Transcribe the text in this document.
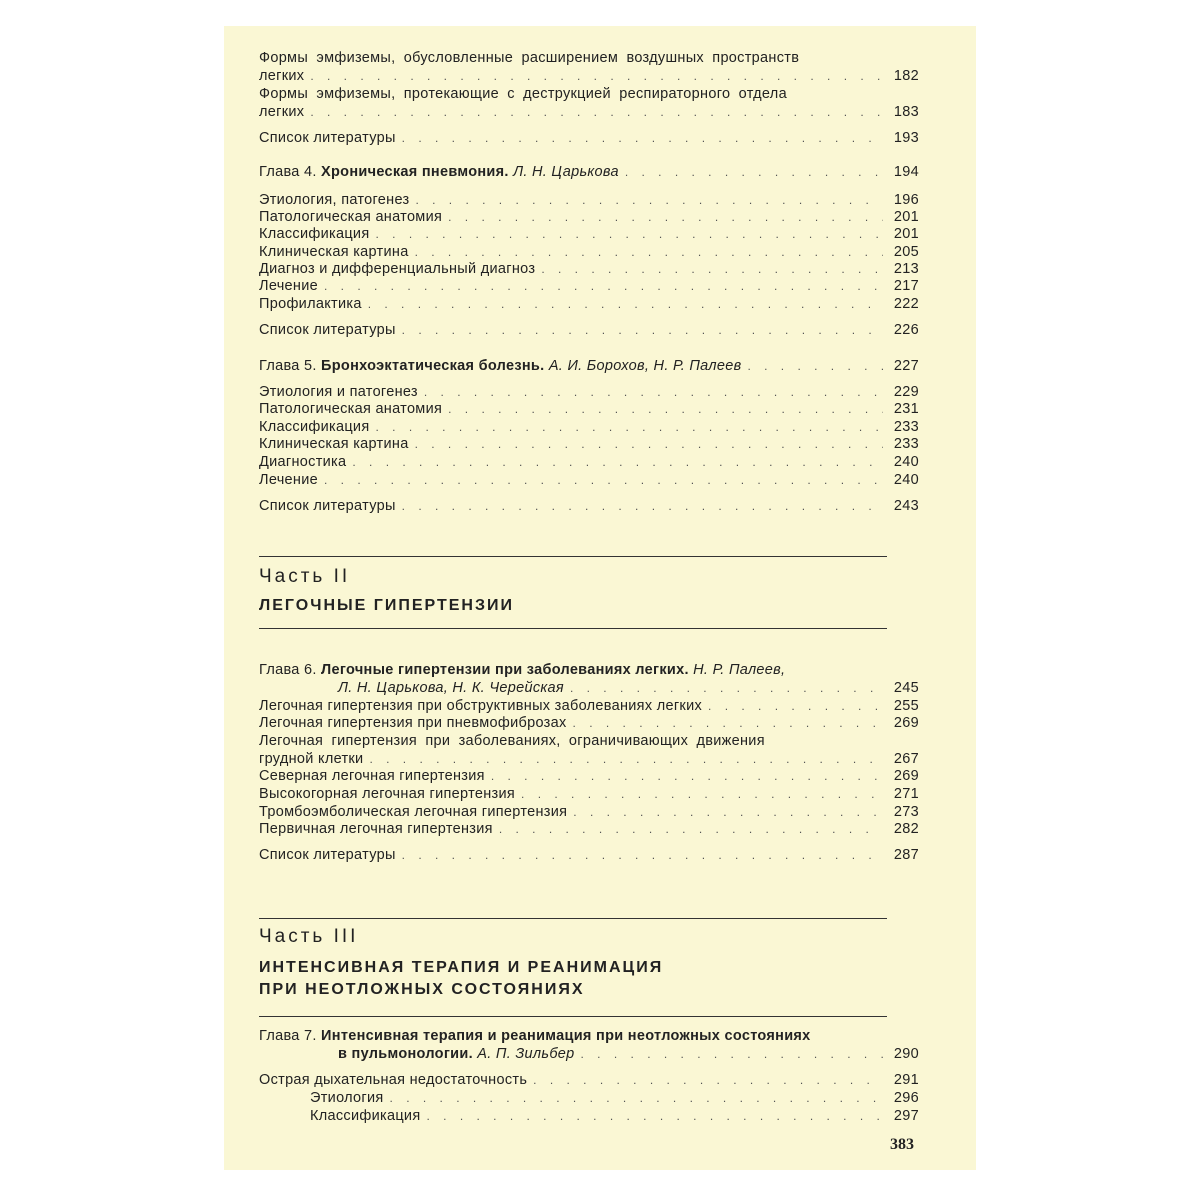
Формы эмфиземы, обусловленные расширением воздушных пространств
легких . . .	182
Формы эмфиземы, протекающие с деструкцией респираторного отдела
легких . . .	183
Список литературы . . .	193
Глава 4. Хроническая пневмония. Л. Н. Царькова . . .	194
Этиология, патогенез . . .	196
Патологическая анатомия . . .	201
Классификация . . .	201
Клиническая картина . . .	205
Диагноз и дифференциальный диагноз . . .	213
Лечение . . .	217
Профилактика . . .	222
Список литературы . . .	226
Глава 5. Бронхоэктатическая болезнь. А. И. Борохов, Н. Р. Палеев . . .	227
Этиология и патогенез . . .	229
Патологическая анатомия . . .	231
Классификация . . .	233
Клиническая картина . . .	233
Диагностика . . .	240
Лечение . . .	240
Список литературы . . .	243
Часть II
ЛЕГОЧНЫЕ ГИПЕРТЕНЗИИ
Глава 6. Легочные гипертензии при заболеваниях легких. Н. Р. Палеев,
Л. Н. Царькова, Н. К. Черейская . . .	245
Легочная гипертензия при обструктивных заболеваниях легких . . .	255
Легочная гипертензия при пневмофиброзах . . .	269
Легочная гипертензия при заболеваниях, ограничивающих движения
грудной клетки . . .	267
Северная легочная гипертензия . . .	269
Высокогорная легочная гипертензия . . .	271
Тромбоэмболическая легочная гипертензия . . .	273
Первичная легочная гипертензия . . .	282
Список литературы . . .	287
Часть III
ИНТЕНСИВНАЯ ТЕРАПИЯ И РЕАНИМАЦИЯ
ПРИ НЕОТЛОЖНЫХ СОСТОЯНИЯХ
Глава 7. Интенсивная терапия и реанимация при неотложных состояниях
в пульмонологии. А. П. Зильбер . . .	290
Острая дыхательная недостаточность . . .	291
Этиология . . .	296
Классификация . . .	297
383
